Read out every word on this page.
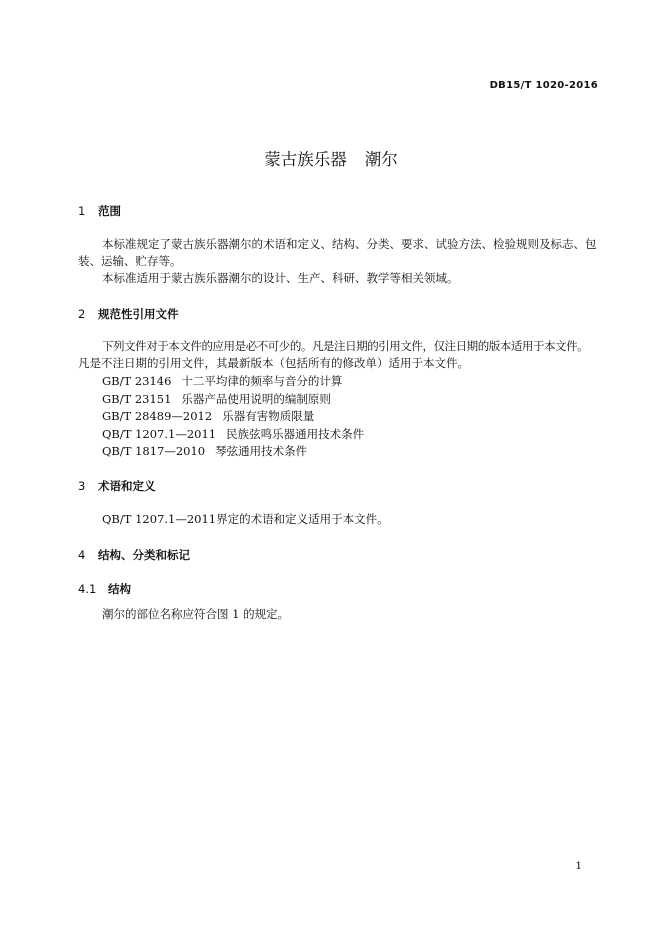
DB15/T 1020-2016
蒙古族乐器 潮尔
1 范围
本标准规定了蒙古族乐器潮尔的术语和定义、结构、分类、要求、试验方法、检验规则及标志、包
装、运输、贮存等。
本标准适用于蒙古族乐器潮尔的设计、生产、科研、教学等相关领域。
2 规范性引用文件
下列文件对于本文件的应用是必不可少的。凡是注日期的引用文件，仅注日期的版本适用于本文件。
凡是不注日期的引用文件，其最新版本（包括所有的修改单）适用于本文件。
GB/T 23146 十二平均律的频率与音分的计算
GB/T 23151 乐器产品使用说明的编制原则
GB/T 28489—2012 乐器有害物质限量
QB/T 1207.1—2011 民族弦鸣乐器通用技术条件
QB/T 1817—2010 琴弦通用技术条件
3 术语和定义
QB/T 1207.1—2011界定的术语和定义适用于本文件。
4 结构、分类和标记
4.1 结构
潮尔的部位名称应符合图 1 的规定。
1
